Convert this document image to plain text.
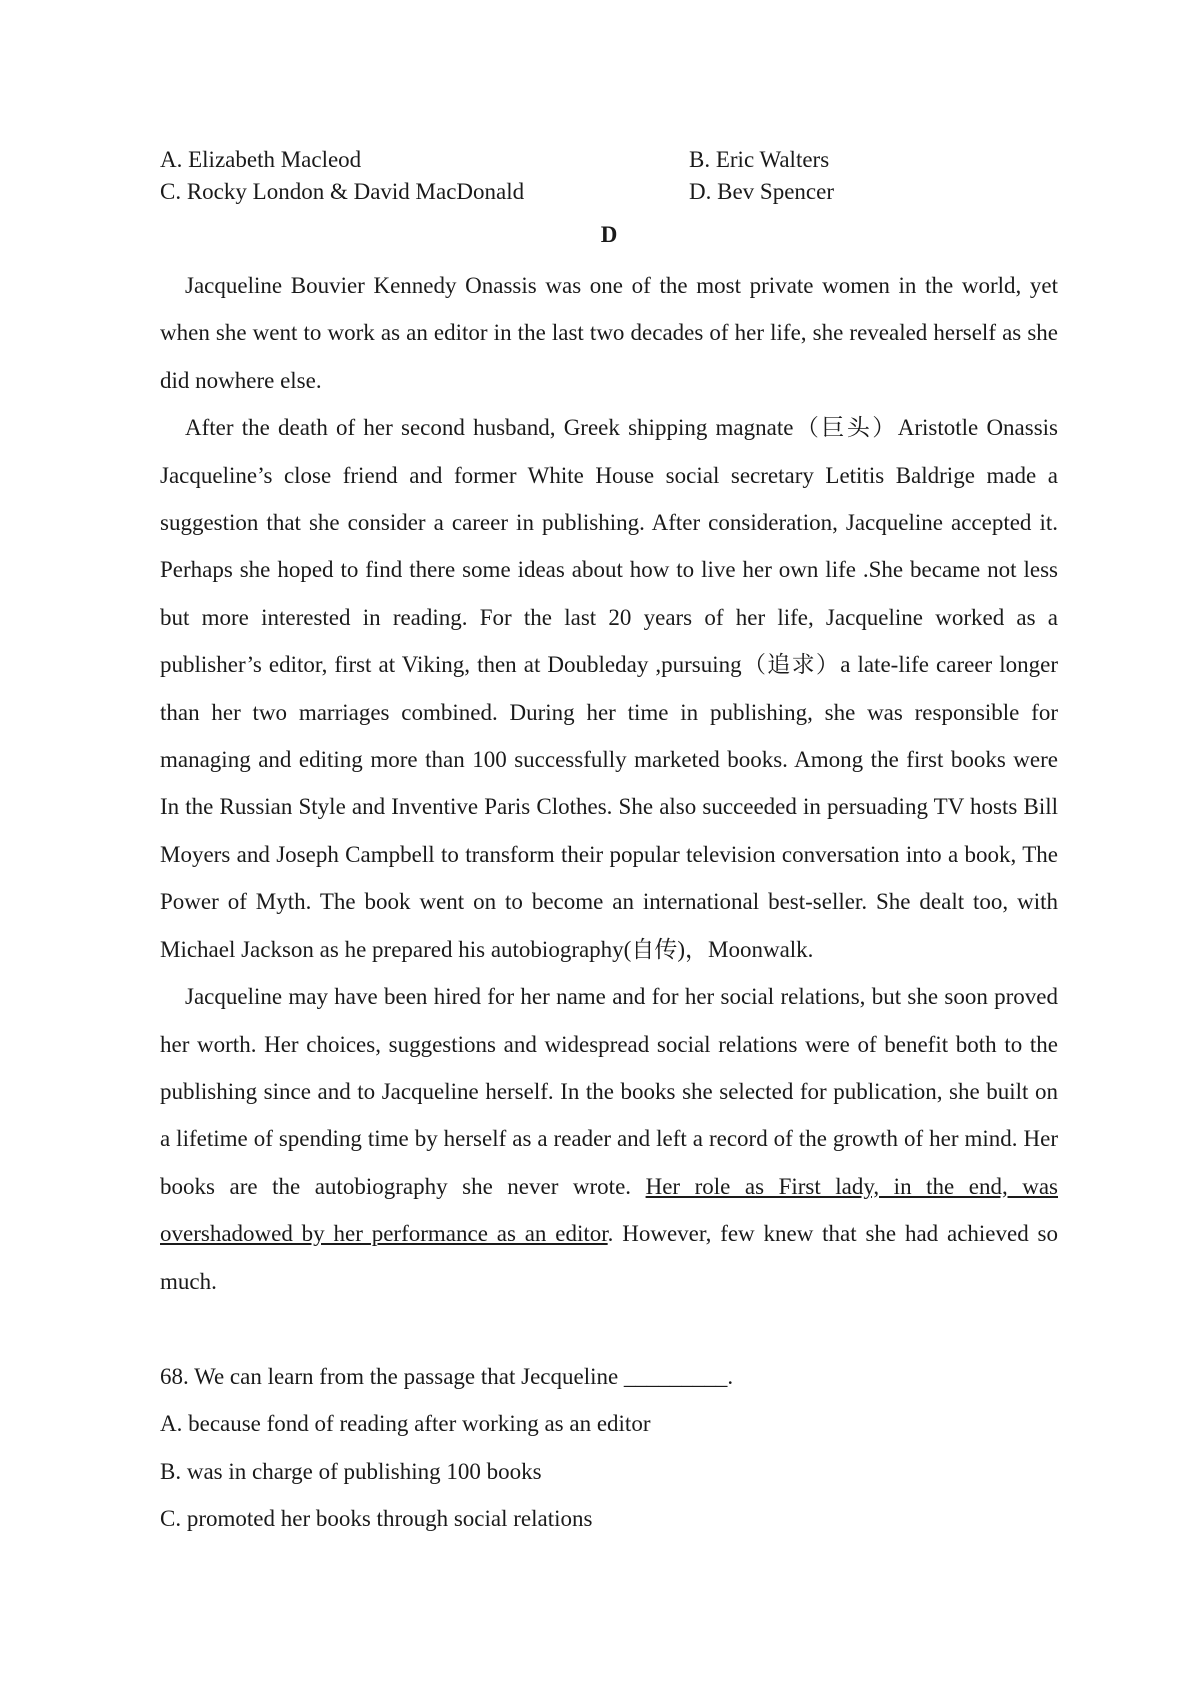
A. Elizabeth Macleod	B. Eric Walters
C. Rocky London & David MacDonald	D. Bev Spencer
D

Jacqueline Bouvier Kennedy Onassis was one of the most private women in the world, yet when she went to work as an editor in the last two decades of her life, she revealed herself as she did nowhere else.

After the death of her second husband, Greek shipping magnate（巨头）Aristotle Onassis Jacqueline’s close friend and former White House social secretary Letitis Baldrige made a suggestion that she consider a career in publishing. After consideration, Jacqueline accepted it. Perhaps she hoped to find there some ideas about how to live her own life .She became not less but more interested in reading. For the last 20 years of her life, Jacqueline worked as a publisher’s editor, first at Viking, then at Doubleday ,pursuing（追求）a late-life career longer than her two marriages combined. During her time in publishing, she was responsible for managing and editing more than 100 successfully marketed books. Among the first books were In the Russian Style and Inventive Paris Clothes. She also succeeded in persuading TV hosts Bill Moyers and Joseph Campbell to transform their popular television conversation into a book, The Power of Myth. The book went on to become an international best-seller. She dealt too, with Michael Jackson as he prepared his autobiography(自传)，Moonwalk.

Jacqueline may have been hired for her name and for her social relations, but she soon proved her worth. Her choices, suggestions and widespread social relations were of benefit both to the publishing since and to Jacqueline herself. In the books she selected for publication, she built on a lifetime of spending time by herself as a reader and left a record of the growth of her mind. Her books are the autobiography she never wrote. Her role as First lady, in the end, was overshadowed by her performance as an editor. However, few knew that she had achieved so much.

68. We can learn from the passage that Jecqueline _________.
A. because fond of reading after working as an editor
B. was in charge of publishing 100 books
C. promoted her books through social relations
